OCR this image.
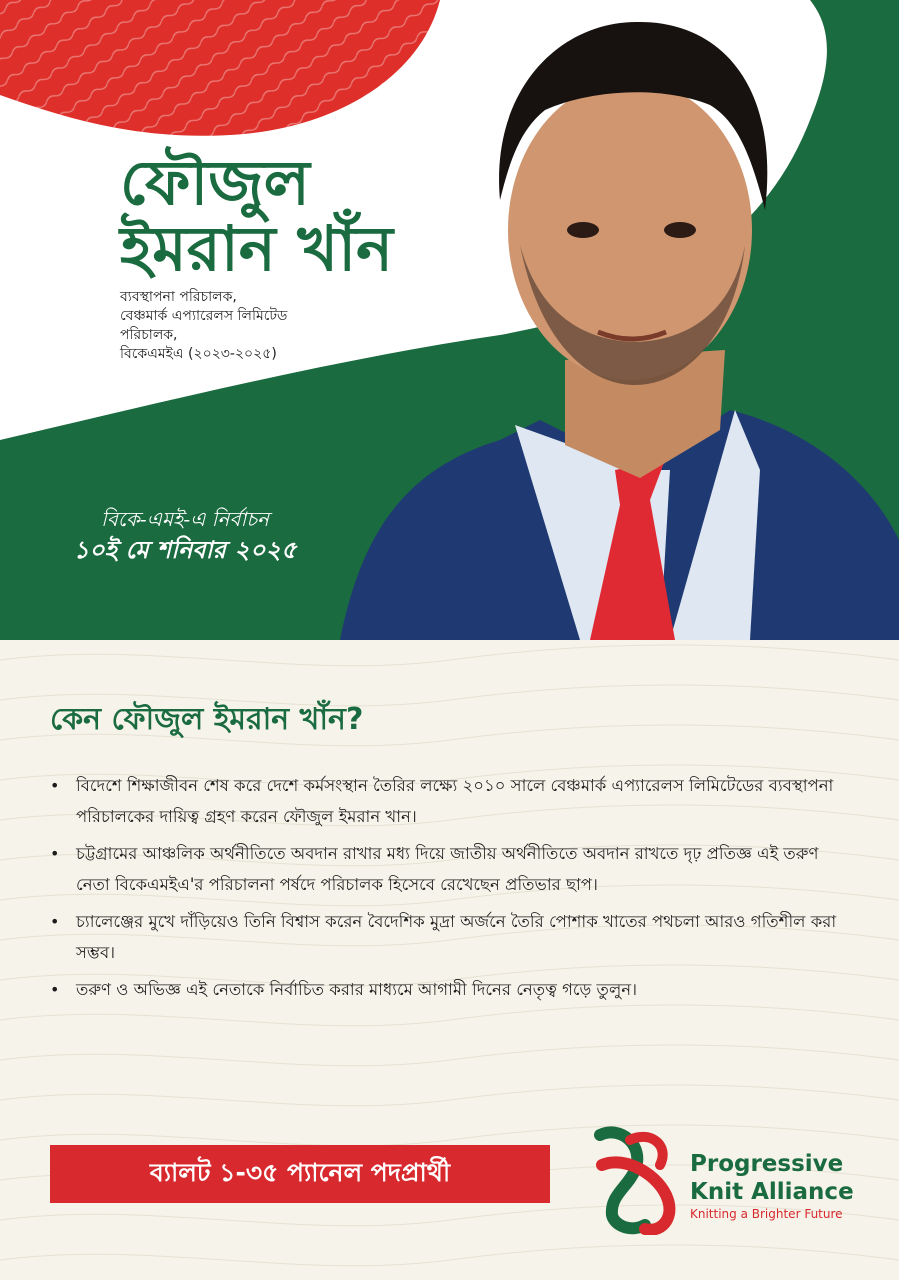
ফৌজুল
ইমরান খাঁন
ব্যবস্থাপনা পরিচালক,
বেঞ্চমার্ক এপ্যারেলস লিমিটেড
পরিচালক,
বিকেএমইএ (২০২৩-২০২৫)
বিকে-এমই-এ নির্বাচন
১০ই মে শনিবার ২০২৫
কেন ফৌজুল ইমরান খাঁন?
• বিদেশে শিক্ষাজীবন শেষ করে দেশে কর্মসংস্থান তৈরির লক্ষ্যে ২০১০ সালে বেঞ্চমার্ক এপ্যারেলস লিমিটেডের ব্যবস্থাপনা পরিচালকের দায়িত্ব গ্রহণ করেন ফৌজুল ইমরান খান।
• চট্টগ্রামের আঞ্চলিক অর্থনীতিতে অবদান রাখার মধ্য দিয়ে জাতীয় অর্থনীতিতে অবদান রাখতে দৃঢ় প্রতিজ্ঞ এই তরুণ নেতা বিকেএমইএ'র পরিচালনা পর্ষদে পরিচালক হিসেবে রেখেছেন প্রতিভার ছাপ।
• চ্যালেঞ্জের মুখে দাঁড়িয়েও তিনি বিশ্বাস করেন বৈদেশিক মুদ্রা অর্জনে তৈরি পোশাক খাতের পথচলা আরও গতিশীল করা সম্ভব।
• তরুণ ও অভিজ্ঞ এই নেতাকে নির্বাচিত করার মাধ্যমে আগামী দিনের নেতৃত্ব গড়ে তুলুন।
ব্যালট ১-৩৫ প্যানেল পদপ্রার্থী	Progressive
Knit Alliance
Knitting a Brighter Future
